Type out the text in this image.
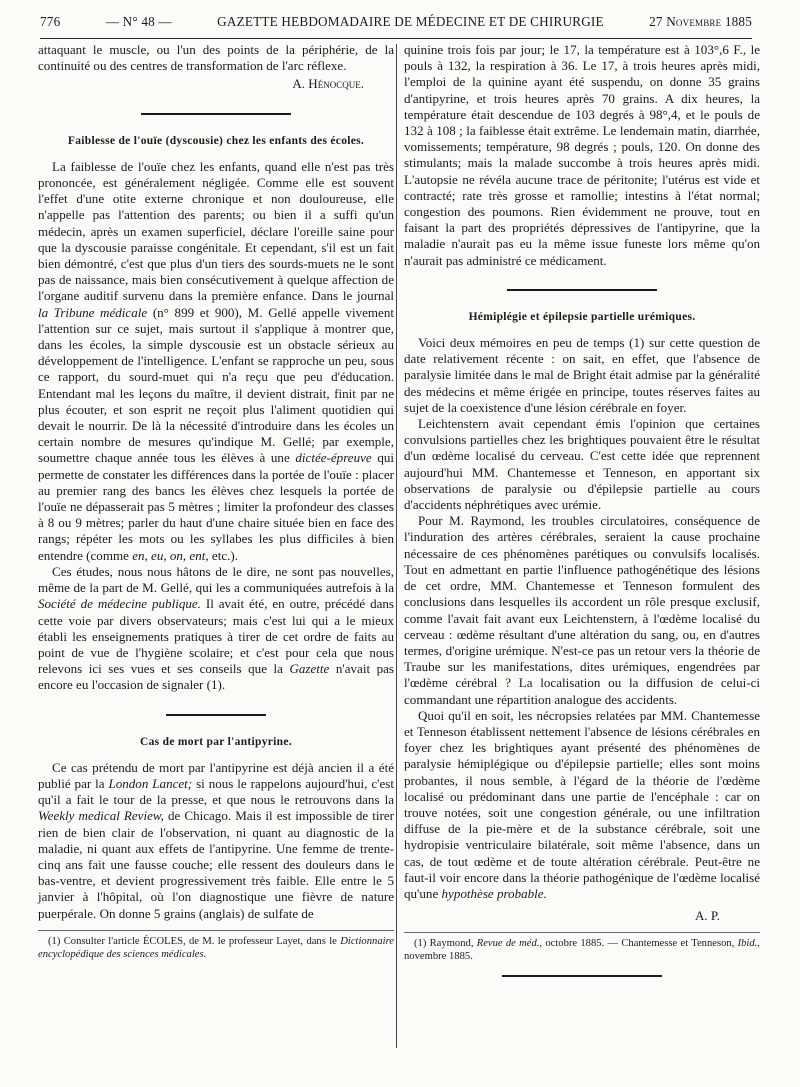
776	— N° 48 —	GAZETTE HEBDOMADAIRE DE MÉDECINE ET DE CHIRURGIE	27 Novembre 1885

attaquant le muscle, ou l'un des points de la périphérie, de la continuité ou des centres de transformation de l'arc réflexe.

A. Hénocque.
Faiblesse de l'ouïe (dyscousie) chez les enfants des écoles.

La faiblesse de l'ouïe chez les enfants, quand elle n'est pas très prononcée, est généralement négligée. Comme elle est souvent l'effet d'une otite externe chronique et non douloureuse, elle n'appelle pas l'attention des parents; ou bien il a suffi qu'un médecin, après un examen superficiel, déclare l'oreille saine pour que la dyscousie paraisse congénitale. Et cependant, s'il est un fait bien démontré, c'est que plus d'un tiers des sourds-muets ne le sont pas de naissance, mais bien consécutivement à quelque affection de l'organe auditif survenu dans la première enfance. Dans le journal la Tribune médicale (n° 899 et 900), M. Gellé appelle vivement l'attention sur ce sujet, mais surtout il s'applique à montrer que, dans les écoles, la simple dyscousie est un obstacle sérieux au développement de l'intelligence. L'enfant se rapproche un peu, sous ce rapport, du sourd-muet qui n'a reçu que peu d'éducation. Entendant mal les leçons du maître, il devient distrait, finit par ne plus écouter, et son esprit ne reçoit plus l'aliment quotidien qui devait le nourrir. De là la nécessité d'introduire dans les écoles un certain nombre de mesures qu'indique M. Gellé; par exemple, soumettre chaque année tous les élèves à une dictée-épreuve qui permette de constater les différences dans la portée de l'ouïe : placer au premier rang des bancs les élèves chez lesquels la portée de l'ouïe ne dépasserait pas 5 mètres ; limiter la profondeur des classes à 8 ou 9 mètres; parler du haut d'une chaire située bien en face des rangs; répéter les mots ou les syllabes les plus difficiles à bien entendre (comme en, eu, on, ent, etc.).

Ces études, nous nous hâtons de le dire, ne sont pas nouvelles, même de la part de M. Gellé, qui les a communiquées autrefois à la Société de médecine publique. Il avait été, en outre, précédé dans cette voie par divers observateurs; mais c'est lui qui a le mieux établi les enseignements pratiques à tirer de cet ordre de faits au point de vue de l'hygiène scolaire; et c'est pour cela que nous relevons ici ses vues et ses conseils que la Gazette n'avait pas encore eu l'occasion de signaler (1).

Cas de mort par l'antipyrine.

Ce cas prétendu de mort par l'antipyrine est déjà ancien il a été publié par la London Lancet; si nous le rappelons aujourd'hui, c'est qu'il a fait le tour de la presse, et que nous le retrouvons dans la Weekly medical Review, de Chicago. Mais il est impossible de tirer rien de bien clair de l'observation, ni quant au diagnostic de la maladie, ni quant aux effets de l'antipyrine. Une femme de trente-cinq ans fait une fausse couche; elle ressent des douleurs dans le bas-ventre, et devient progressivement très faible. Elle entre le 5 janvier à l'hôpital, où l'on diagnostique une fièvre de nature puerpérale. On donne 5 grains (anglais) de sulfate de

(1) Consulter l'article ÉCOLES, de M. le professeur Layet, dans le Dictionnaire encyclopédique des sciences médicales.

quinine trois fois par jour; le 17, la température est à 103°,6 F., le pouls à 132, la respiration à 36. Le 17, à trois heures après midi, l'emploi de la quinine ayant été suspendu, on donne 35 grains d'antipyrine, et trois heures après 70 grains. A dix heures, la température était descendue de 103 degrés à 98°,4, et le pouls de 132 à 108 ; la faiblesse était extrême. Le lendemain matin, diarrhée, vomissements; température, 98 degrés ; pouls, 120. On donne des stimulants; mais la malade succombe à trois heures après midi. L'autopsie ne révéla aucune trace de péritonite; l'utérus est vide et contracté; rate très grosse et ramollie; intestins à l'état normal; congestion des poumons. Rien évidemment ne prouve, tout en faisant la part des propriétés dépressives de l'antipyrine, que la maladie n'aurait pas eu la même issue funeste lors même qu'on n'aurait pas administré ce médicament.

Hémiplégie et épilepsie partielle urémiques.

Voici deux mémoires en peu de temps (1) sur cette question de date relativement récente : on sait, en effet, que l'absence de paralysie limitée dans le mal de Bright était admise par la généralité des médecins et même érigée en principe, toutes réserves faites au sujet de la coexistence d'une lésion cérébrale en foyer.

Leichtenstern avait cependant émis l'opinion que certaines convulsions partielles chez les brightiques pouvaient être le résultat d'un œdème localisé du cerveau. C'est cette idée que reprennent aujourd'hui MM. Chantemesse et Tenneson, en apportant six observations de paralysie ou d'épilepsie partielle au cours d'accidents néphrétiques avec urémie.

Pour M. Raymond, les troubles circulatoires, conséquence de l'induration des artères cérébrales, seraient la cause prochaine nécessaire de ces phénomènes parétiques ou convulsifs localisés. Tout en admettant en partie l'influence pathogénétique des lésions de cet ordre, MM. Chantemesse et Tenneson formulent des conclusions dans lesquelles ils accordent un rôle presque exclusif, comme l'avait fait avant eux Leichtenstern, à l'œdème localisé du cerveau : œdème résultant d'une altération du sang, ou, en d'autres termes, d'origine urémique. N'est-ce pas un retour vers la théorie de Traube sur les manifestations, dites urémiques, engendrées par l'œdème cérébral ? La localisation ou la diffusion de celui-ci commandant une répartition analogue des accidents.

Quoi qu'il en soit, les nécropsies relatées par MM. Chantemesse et Tenneson établissent nettement l'absence de lésions cérébrales en foyer chez les brightiques ayant présenté des phénomènes de paralysie hémiplégique ou d'épilepsie partielle; elles sont moins probantes, il nous semble, à l'égard de la théorie de l'œdème localisé ou prédominant dans une partie de l'encéphale : car on trouve notées, soit une congestion générale, ou une infiltration diffuse de la pie-mère et de la substance cérébrale, soit une hydropisie ventriculaire bilatérale, soit même l'absence, dans un cas, de tout œdème et de toute altération cérébrale. Peut-être ne faut-il voir encore dans la théorie pathogénique de l'œdème localisé qu'une hypothèse probable.

A. P.

(1) Raymond, Revue de méd., octobre 1885. — Chantemesse et Tenneson, Ibid., novembre 1885.
